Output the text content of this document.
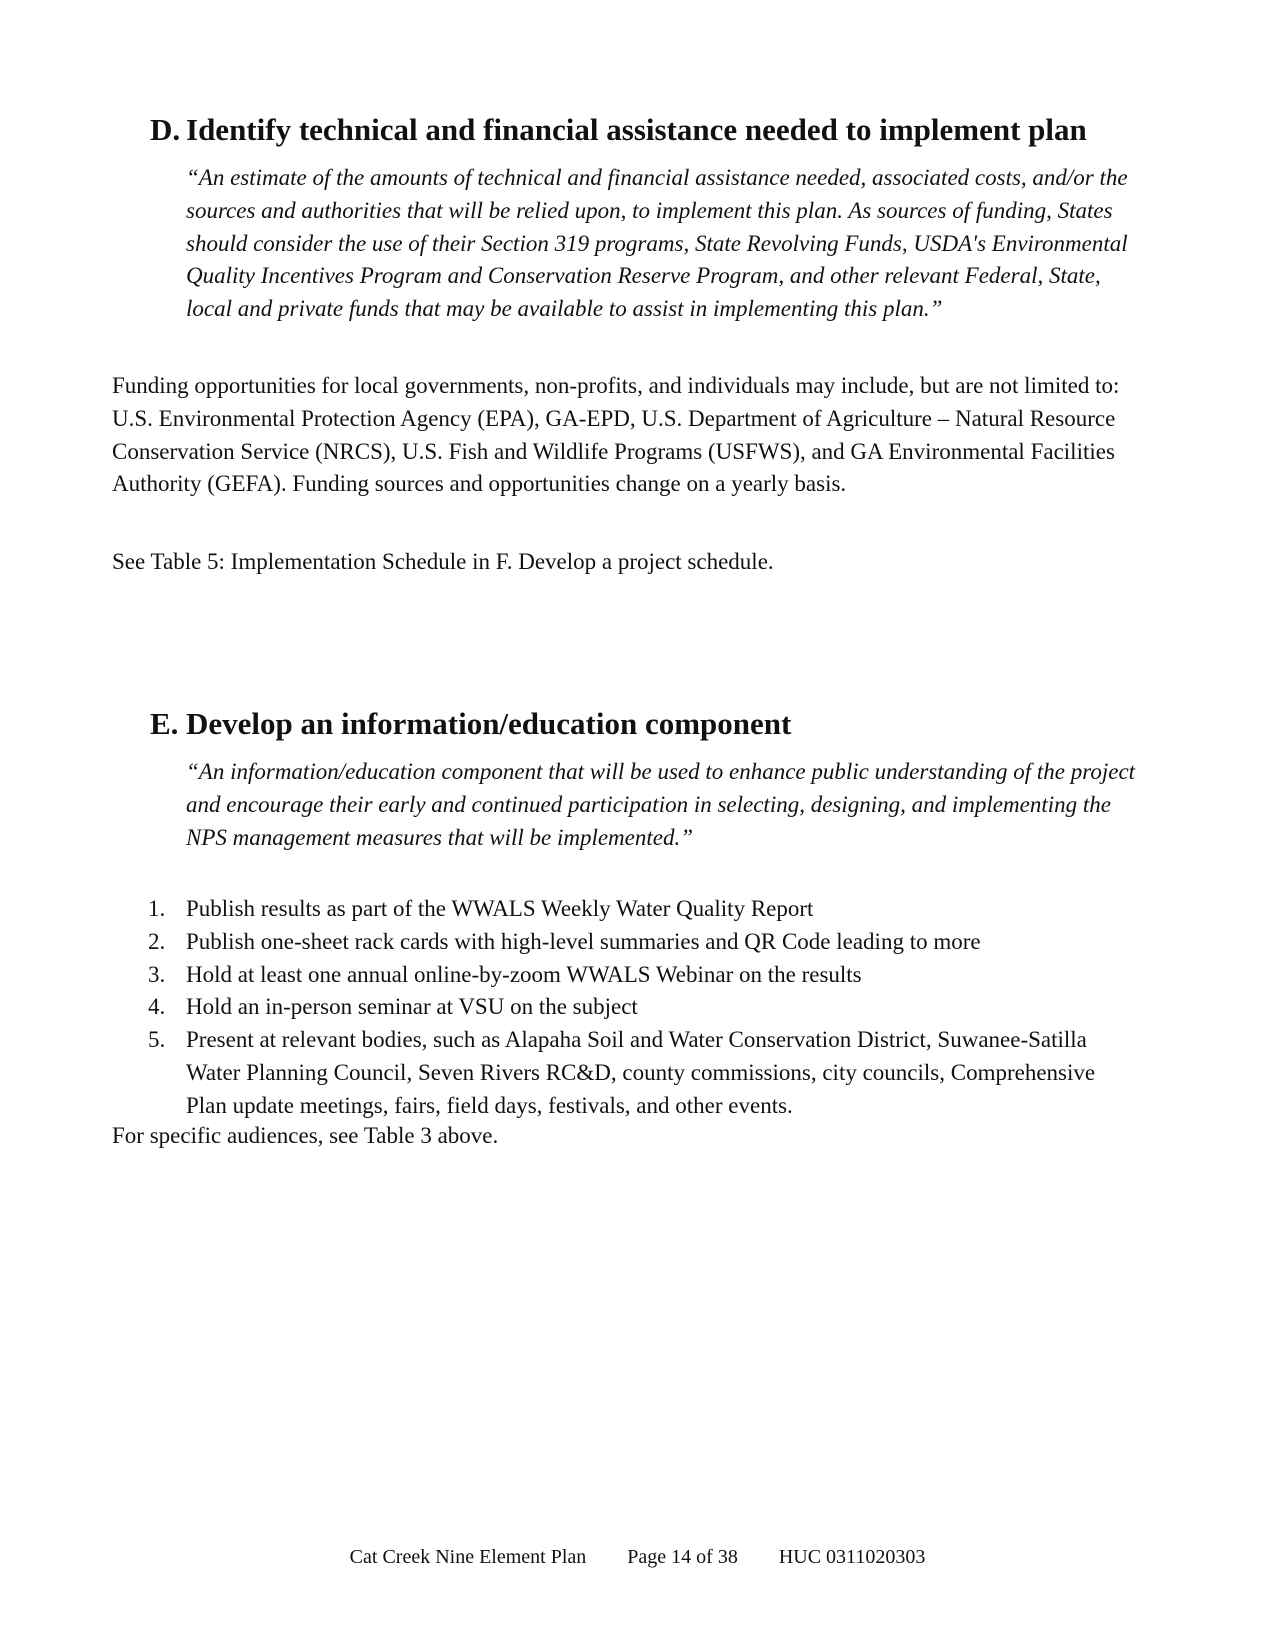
D. Identify technical and financial assistance needed to implement plan

“An estimate of the amounts of technical and financial assistance needed, associated costs, and/or the sources and authorities that will be relied upon, to implement this plan. As sources of funding, States should consider the use of their Section 319 programs, State Revolving Funds, USDA's Environmental Quality Incentives Program and Conservation Reserve Program, and other relevant Federal, State, local and private funds that may be available to assist in implementing this plan.”

Funding opportunities for local governments, non-profits, and individuals may include, but are not limited to: U.S. Environmental Protection Agency (EPA), GA-EPD, U.S. Department of Agriculture – Natural Resource Conservation Service (NRCS), U.S. Fish and Wildlife Programs (USFWS), and GA Environmental Facilities Authority (GEFA). Funding sources and opportunities change on a yearly basis.

See Table 5: Implementation Schedule in F. Develop a project schedule.

E. Develop an information/education component

“An information/education component that will be used to enhance public understanding of the project and encourage their early and continued participation in selecting, designing, and implementing the NPS management measures that will be implemented.”

1. Publish results as part of the WWALS Weekly Water Quality Report
2. Publish one-sheet rack cards with high-level summaries and QR Code leading to more
3. Hold at least one annual online-by-zoom WWALS Webinar on the results
4. Hold an in-person seminar at VSU on the subject
5. Present at relevant bodies, such as Alapaha Soil and Water Conservation District, Suwanee-Satilla Water Planning Council, Seven Rivers RC&D, county commissions, city councils, Comprehensive Plan update meetings, fairs, field days, festivals, and other events.

For specific audiences, see Table 3 above.

Cat Creek Nine Element Plan Page 14 of 38 HUC 0311020303
